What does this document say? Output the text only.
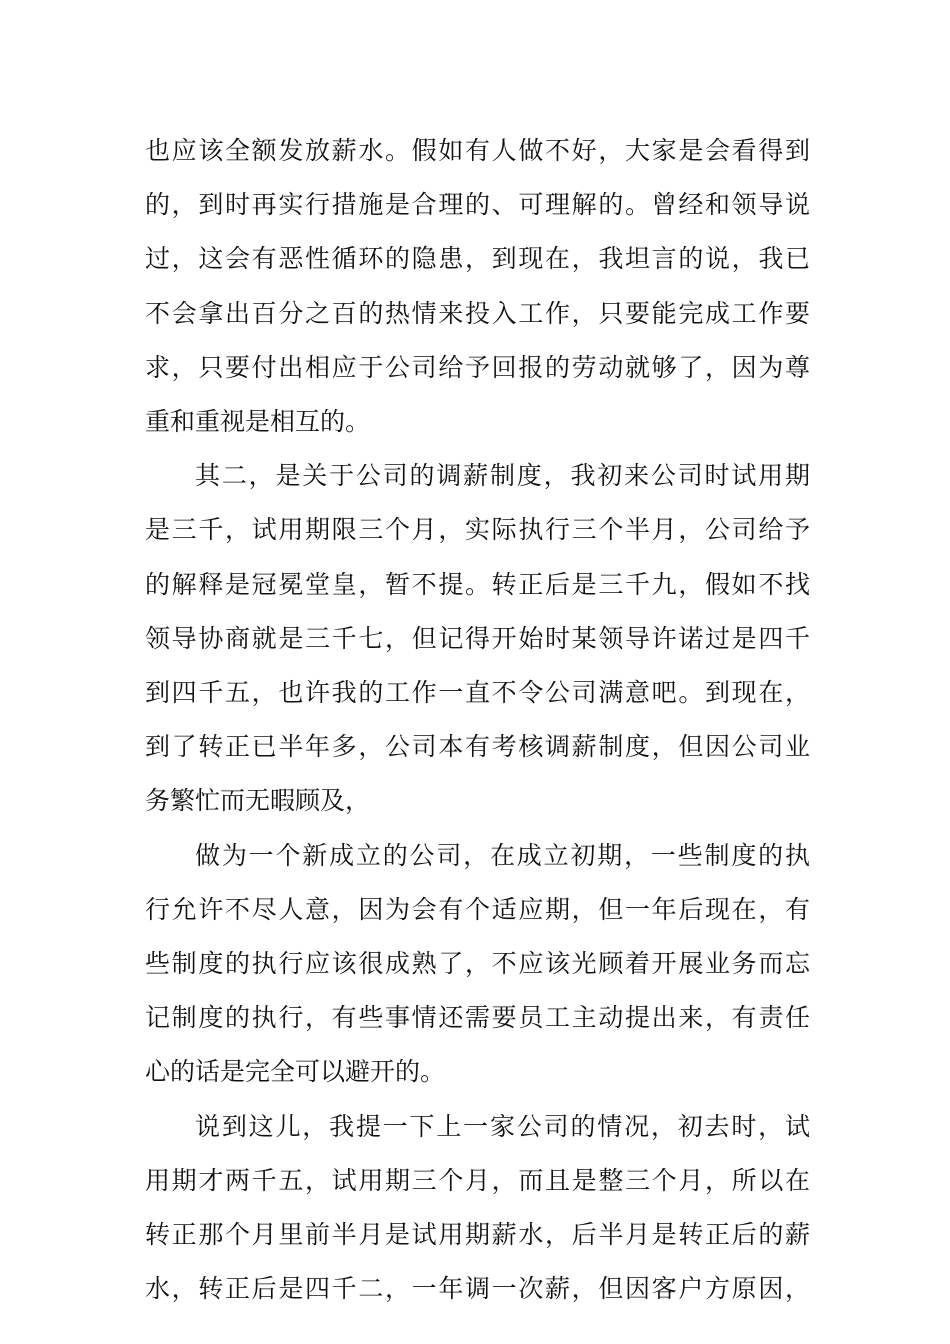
也应该全额发放薪水。假如有人做不好，大家是会看得到
的，到时再实行措施是合理的、可理解的。曾经和领导说
过，这会有恶性循环的隐患，到现在，我坦言的说，我已
不会拿出百分之百的热情来投入工作，只要能完成工作要
求，只要付出相应于公司给予回报的劳动就够了，因为尊
重和重视是相互的。

其二，是关于公司的调薪制度，我初来公司时试用期
是三千，试用期限三个月，实际执行三个半月，公司给予
的解释是冠冕堂皇，暂不提。转正后是三千九，假如不找
领导协商就是三千七，但记得开始时某领导许诺过是四千
到四千五，也许我的工作一直不令公司满意吧。到现在，
到了转正已半年多，公司本有考核调薪制度，但因公司业
务繁忙而无暇顾及，

做为一个新成立的公司，在成立初期，一些制度的执
行允许不尽人意，因为会有个适应期，但一年后现在，有
些制度的执行应该很成熟了，不应该光顾着开展业务而忘
记制度的执行，有些事情还需要员工主动提出来，有责任
心的话是完全可以避开的。

说到这儿，我提一下上一家公司的情况，初去时，试
用期才两千五，试用期三个月，而且是整三个月，所以在
转正那个月里前半月是试用期薪水，后半月是转正后的薪
水，转正后是四千二，一年调一次薪，但因客户方原因，
